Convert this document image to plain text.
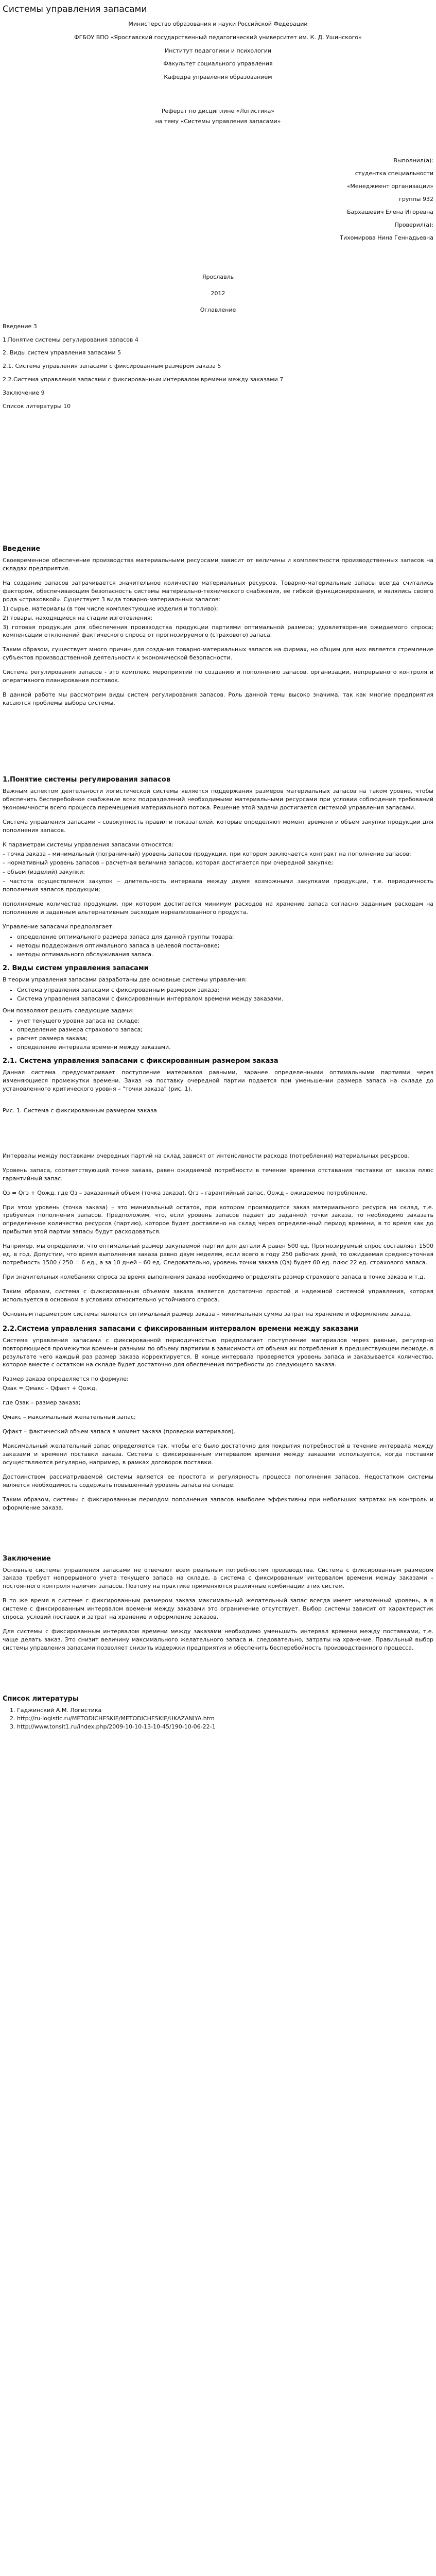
Системы управления запасами

Министерство образования и науки Российской Федерации

ФГБОУ ВПО «Ярославский государственный педагогический университет им. К. Д. Ушинского»

Институт педагогики и психологии

Факультет социального управления

Кафедра управления образованием

Реферат по дисциплине «Логистика»

на тему «Системы управления запасами»

Выполнил(а):

студентка специальности

«Менеджмент организации»

группы 932

Бархашевич Елена Игоревна

Проверил(а):

Тихомирова Нина Геннадьевна

Ярославль

2012

Оглавление

Введение 3

1.Понятие системы регулирования запасов 4

2. Виды систем управления запасами 5

2.1. Система управления запасами с фиксированным размером заказа 5

2.2.Система управления запасами с фиксированным интервалом времени между заказами 7

Заключение 9

Список литературы 10

Введение

Своевременное обеспечение производства материальными ресурсами зависит от величины и комплектности производственных запасов на складах предприятия.

На создание запасов затрачивается значительное количество материальных ресурсов. Товарно-материальные запасы всегда считались фактором, обеспечивающим безопасность системы материально-технического снабжения, ее гибкой функционирования, и являлись своего рода «страховкой». Существует 3 вида товарно-материальных запасов:

1) сырье, материалы (в том числе комплектующие изделия и топливо);

2) товары, находящиеся на стадии изготовления;

3) готовая продукция для обеспечения производства продукции партиями оптимальной размера; удовлетворения ожидаемого спроса; компенсации отклонений фактического спроса от прогнозируемого (страхового) запаса.

Таким образом, существует много причин для создания товарно-материальных запасов на фирмах, но общим для них является стремление субъектов производственной деятельности к экономической безопасности.

Система регулирования запасов - это комплекс мероприятий по созданию и пополнению запасов, организации, непрерывного контроля и оперативного планирования поставок.

В данной работе мы рассмотрим виды систем регулирования запасов. Роль данной темы высоко значима, так как многие предприятия касаются проблемы выбора системы.

1.Понятие системы регулирования запасов

Важным аспектом деятельности логистической системы является поддержания размеров материальных запасов на таком уровне, чтобы обеспечить бесперебойное снабжение всех подразделений необходимыми материальными ресурсами при условии соблюдения требований экономичности всего процесса перемещения материального потока. Решение этой задачи достигается системой управления запасами.

Система управления запасами – совокупность правил и показателей, которые определяют момент времени и объем закупки продукции для пополнения запасов.

К параметрам системы управления запасами относятся:

– точка заказа – минимальный (пограничный) уровень запасов продукции, при котором заключается контракт на пополнение запасов;

– нормативный уровень запасов – расчетная величина запасов, которая достигается при очередной закупке;

– объем (изделий) закупки;

– частота осуществления закупок – длительность интервала между двумя возможными закупками продукции, т.е. периодичность пополнения запасов продукции;

пополняемые количества продукции, при котором достигается минимум расходов на хранение запаса согласно заданным расходам на пополнение и заданным альтернативным расходам нереализованного продукта.

Управление запасами предполагает:

• определение оптимального размера запаса для данной группы товара;
• методы поддержания оптимального запаса в целевой постановке;
• методы оптимального обслуживания запаса.
2. Виды систем управления запасами

В теории управления запасами разработаны две основные системы управления:

• Система управления запасами с фиксированным размером заказа;
• Система управления запасами с фиксированным интервалом времени между заказами.

Они позволяют решить следующие задачи:

• учет текущего уровня запаса на складе;
• определение размера страхового запаса;
• расчет размера заказа;
• определение интервала времени между заказами.
2.1. Система управления запасами с фиксированным размером заказа

Данная система предусматривает поступление материалов равными, заранее определенными оптимальными партиями через изменяющиеся промежутки времени. Заказ на поставку очередной партии подается при уменьшении размера запаса на складе до установленного критического уровня – "точки заказа" (рис. 1).

Рис. 1. Система с фиксированным размером заказа

Интервалы между поставками очередных партий на склад зависят от интенсивности расхода (потребления) материальных ресурсов.

Уровень запаса, соответствующий точке заказа, равен ожидаемой потребности в течение времени отставания поставки от заказа плюс гарантийный запас.

Qз = Qгз + Qожд, где Qз – заказанный объем (точка заказа), Qгз – гарантийный запас, Qожд – ожидаемое потребление.

При этом уровень (точка заказа) – это минимальный остаток, при котором производится заказ материального ресурса на склад, т.е. требуемая пополнения запасов. Предположим, что, если уровень запасов падает до заданной точки заказа, то необходимо заказать определенное количество ресурсов (партию), которое будет доставлено на склад через определенный период времени, в то время как до прибытия этой партии запасы будут расходоваться.

Например, мы определили, что оптимальный размер закупаемой партии для детали A равен 500 ед. Прогнозируемый спрос составляет 1500 ед. в год. Допустим, что время выполнения заказа равно двум неделям, если всего в году 250 рабочих дней, то ожидаемая среднесуточная потребность 1500 / 250 = 6 ед., а за 10 дней – 60 ед. Следовательно, уровень точки заказа (Qз) будет 60 ед. плюс 22 ед. страхового запаса.

При значительных колебаниях спроса за время выполнения заказа необходимо определять размер страхового запаса в точке заказа и т.д.

Таким образом, система с фиксированным объемом заказа является достаточно простой и надежной системой управления, которая используется в основном в условиях относительно устойчивого спроса.

Основным параметром системы является оптимальный размер заказа – минимальная сумма затрат на хранение и оформление заказа.

2.2.Система управления запасами с фиксированным интервалом времени между заказами

Система управления запасами с фиксированной периодичностью предполагает поступление материалов через равные, регулярно повторяющиеся промежутки времени разными по объему партиями в зависимости от объема их потребления в предшествующем периоде, в результате чего каждый раз размер заказа корректируется. В конце интервала проверяется уровень запаса и заказывается количество, которое вместе с остатком на складе будет достаточно для обеспечения потребности до следующего заказа.

Размер заказа определяется по формуле:

Qзак = Qмакс – Qфакт + Qожд,

где Qзак – размер заказа;

Qмакс – максимальный желательный запас;

Qфакт – фактический объем запаса в момент заказа (проверки материалов).

Максимальный желательный запас определяется так, чтобы его было достаточно для покрытия потребностей в течение интервала между заказами и времени поставки заказа. Система с фиксированным интервалом времени между заказами используется, когда поставки осуществляются регулярно, например, в рамках договоров поставки.

Достоинством рассматриваемой системы является ее простота и регулярность процесса пополнения запасов. Недостатком системы является необходимость содержать повышенный уровень запаса на складе.

Таким образом, системы с фиксированным периодом пополнения запасов наиболее эффективны при небольших затратах на контроль и оформление заказа.

Заключение

Основные системы управления запасами не отвечают всем реальным потребностям производства. Система с фиксированным размером заказа требует непрерывного учета текущего запаса на складе, а система с фиксированным интервалом времени между заказами – постоянного контроля наличия запасов. Поэтому на практике применяются различные комбинации этих систем.

В то же время в системе с фиксированным размером заказа максимальный желательный запас всегда имеет неизменный уровень, а в системе с фиксированным интервалом времени между заказами это ограничение отсутствует. Выбор системы зависит от характеристик спроса, условий поставок и затрат на хранение и оформление заказов.

Для системы с фиксированным интервалом времени между заказами необходимо уменьшить интервал времени между поставками, т.е. чаще делать заказ. Это снизит величину максимального желательного запаса и, следовательно, затраты на хранение. Правильный выбор системы управления запасами позволяет снизить издержки предприятия и обеспечить бесперебойность производственного процесса.

Список литературы
1. Гаджинский А.М. Логистика
2. http://ru-logistic.ru/METODICHESKIE/METODICHESKIE/UKAZANIYA.htm
3. http://www.tonsit1.ru/index.php/2009-10-10-13-10-45/190-10-06-22-1
